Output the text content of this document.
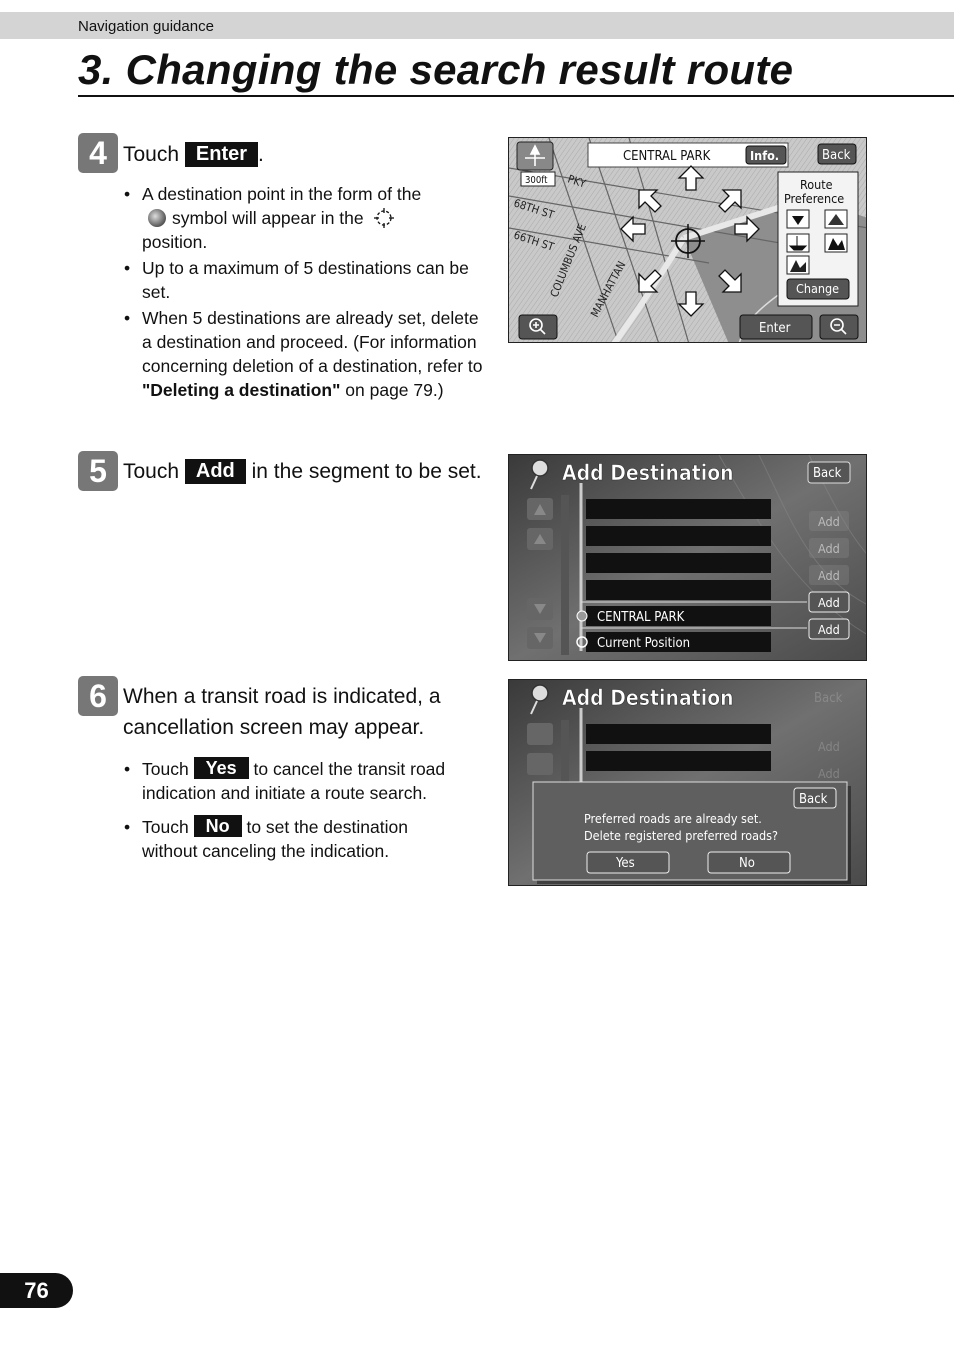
Navigation guidance
3. Changing the search result route
4 Touch Enter .
• A destination point in the form of the
symbol will appear in the
position.
• Up to a maximum of 5 destinations can be set.
• When 5 destinations are already set, delete a destination and proceed. (For information concerning deletion of a destination, refer to "Deleting a destination" on page 79.)
PKY
68TH ST
66TH ST
COLUMBUS AVE MANHATTAN
300ft
CENTRAL PARK	Info.	Back
Route
Preference
Change
Enter
5 Touch Add in the segment to be set.	Add Destination	Back
CENTRAL PARK
Current Position
Add
Add
Add
Add
Add
6 When a transit road is indicated, a cancellation screen may appear.
• Touch Yes to cancel the transit road indication and initiate a route search.
• Touch No to set the destination without canceling the indication.
Add Destination	Back
Add
Add
Back
Preferred roads are already set.
Delete registered preferred roads?
Yes	No
76
